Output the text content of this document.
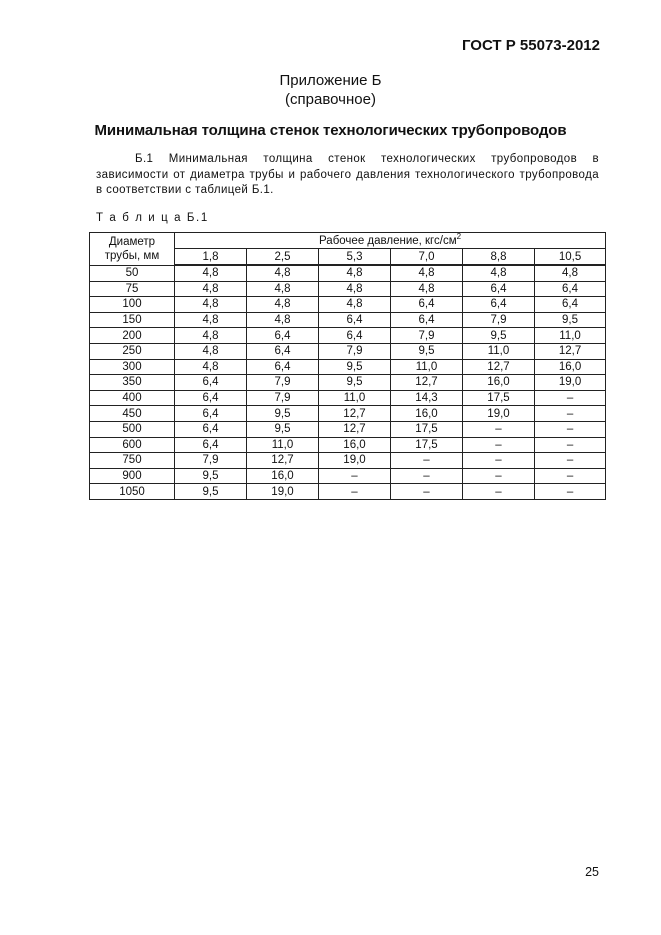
ГОСТ Р 55073-2012
Приложение Б
(справочное)
Минимальная толщина стенок технологических трубопроводов
Б.1 Минимальная толщина стенок технологических трубопроводов в зависимости от диаметра трубы и рабочего давления технологического трубопровода в соответствии с таблицей Б.1.
Т а б л и ц а Б.1
Диаметр трубы, мм	Рабочее давление, кгс/$см^2$
	1,8	2,5	5,3	7,0	8,8	10,5
50	4,8	4,8	4,8	4,8	4,8	4,8
75	4,8	4,8	4,8	4,8	6,4	6,4
100	4,8	4,8	4,8	6,4	6,4	6,4
150	4,8	4,8	6,4	6,4	7,9	9,5
200	4,8	6,4	6,4	7,9	9,5	11,0
250	4,8	6,4	7,9	9,5	11,0	12,7
300	4,8	6,4	9,5	11,0	12,7	16,0
350	6,4	7,9	9,5	12,7	16,0	19,0
400	6,4	7,9	11,0	14,3	17,5	–
450	6,4	9,5	12,7	16,0	19,0	–
500	6,4	9,5	12,7	17,5	–	–
600	6,4	11,0	16,0	17,5	–	–
750	7,9	12,7	19,0	–	–	–
900	9,5	16,0	–	–	–	–
1050	9,5	19,0	–	–	–	–
25
